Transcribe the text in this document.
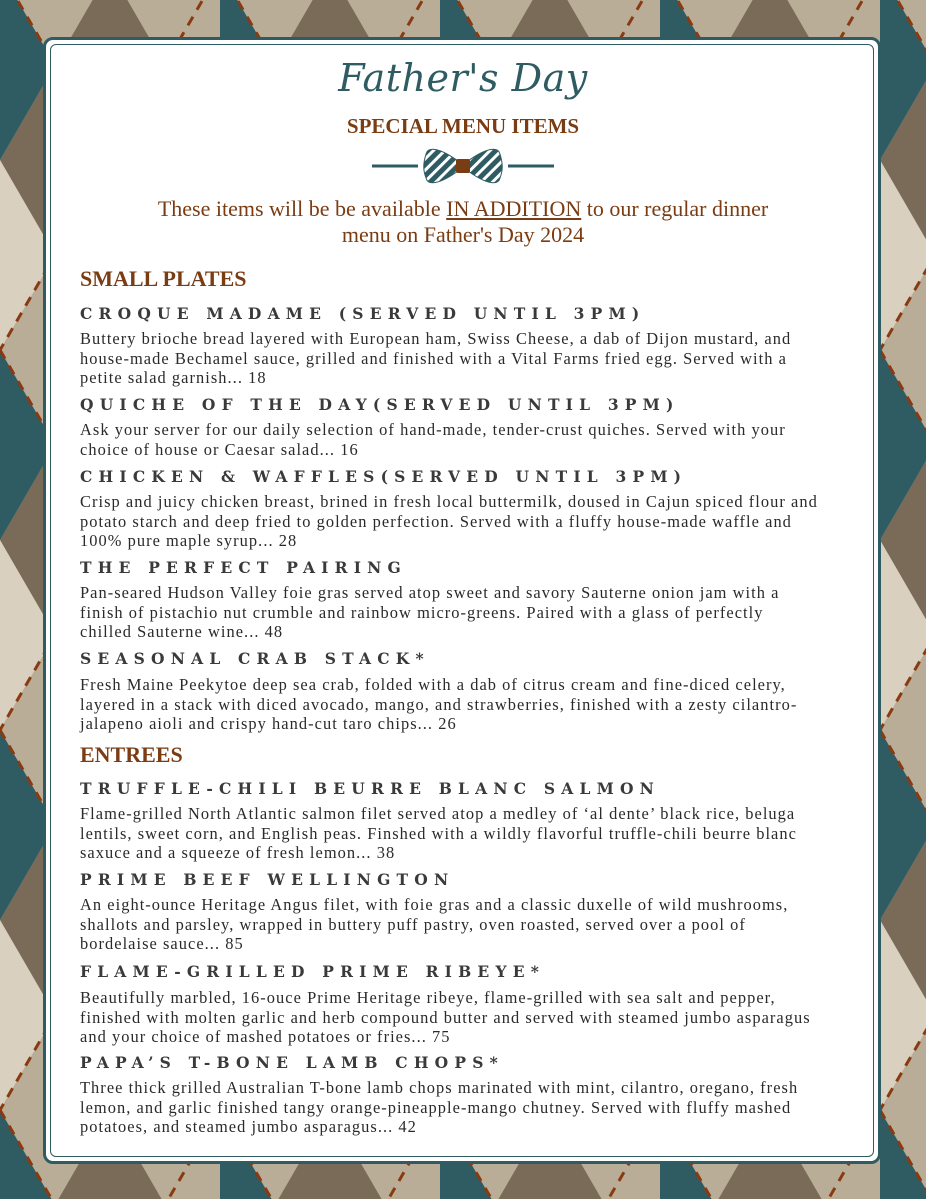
Father's Day
SPECIAL MENU ITEMS
These items will be be available IN ADDITION to our regular dinner menu on Father's Day 2024
SMALL PLATES
CROQUE MADAME (SERVED UNTIL 3PM)
Buttery brioche bread layered with European ham, Swiss Cheese, a dab of Dijon mustard, and house-made Bechamel sauce, grilled and finished with a Vital Farms fried egg. Served with a petite salad garnish... 18
QUICHE OF THE DAY(SERVED UNTIL 3PM)
Ask your server for our daily selection of hand-made, tender-crust quiches. Served with your choice of house or Caesar salad... 16
CHICKEN & WAFFLES(SERVED UNTIL 3PM)
Crisp and juicy chicken breast, brined in fresh local buttermilk, doused in Cajun spiced flour and potato starch and deep fried to golden perfection. Served with a fluffy house-made waffle and 100% pure maple syrup... 28
THE PERFECT PAIRING
Pan-seared Hudson Valley foie gras served atop sweet and savory Sauterne onion jam with a finish of pistachio nut crumble and rainbow micro-greens. Paired with a glass of perfectly chilled Sauterne wine... 48
SEASONAL CRAB STACK*
Fresh Maine Peekytoe deep sea crab, folded with a dab of citrus cream and fine-diced celery, layered in a stack with diced avocado, mango, and strawberries, finished with a zesty cilantro-jalapeno aioli and crispy hand-cut taro chips... 26
ENTREES
TRUFFLE-CHILI BEURRE BLANC SALMON
Flame-grilled North Atlantic salmon filet served atop a medley of ‘al dente’ black rice, beluga lentils, sweet corn, and English peas. Finshed with a wildly flavorful truffle-chili beurre blanc saxuce and a squeeze of fresh lemon... 38
PRIME BEEF WELLINGTON
An eight-ounce Heritage Angus filet, with foie gras and a classic duxelle of wild mushrooms, shallots and parsley, wrapped in buttery puff pastry, oven roasted, served over a pool of bordelaise sauce... 85
FLAME-GRILLED PRIME RIBEYE*
Beautifully marbled, 16-ouce Prime Heritage ribeye, flame-grilled with sea salt and pepper, finished with molten garlic and herb compound butter and served with steamed jumbo asparagus and your choice of mashed potatoes or fries... 75
PAPA’S T-BONE LAMB CHOPS*
Three thick grilled Australian T-bone lamb chops marinated with mint, cilantro, oregano, fresh lemon, and garlic finished tangy orange-pineapple-mango chutney. Served with fluffy mashed potatoes, and steamed jumbo asparagus... 42
